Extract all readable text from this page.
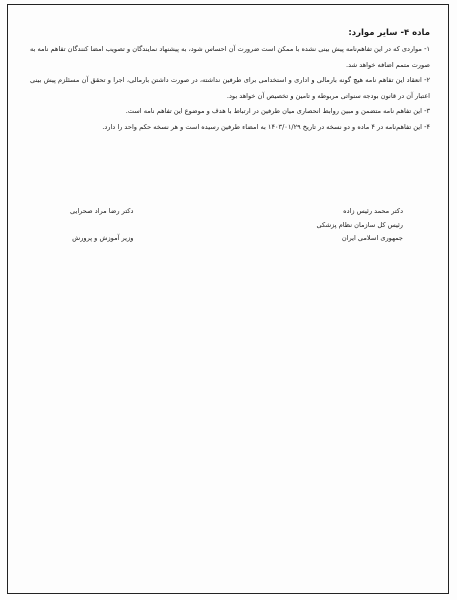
ماده ۴- سایر موارد:

۱- مواردی که در این تفاهم‌نامه پیش بینی نشده با ممکن است ضرورت آن احساس شود، به پیشنهاد نمایندگان و تصویب امضا کنندگان تفاهم نامه به صورت متمم اضافه خواهد شد.

۲- انعقاد این تفاهم نامه هیچ گونه بارمالی و اداری و استخدامی برای طرفین نداشته، در صورت داشتن بارمالی، اجرا و تحقق آن مسئلزم پیش بینی اعتبار آن در قانون بودجه سنواتی مربوطه و تامین و تخصیص آن خواهد بود.

۳- این تفاهم نامه متضمن و مبین روابط انحصاری میان طرفین در ارتباط با هدف و موضوع این تفاهم نامه است.

۴- این تفاهم‌نامه در ۴ ماده و دو نسخه در تاریخ ۱۴۰۳/۰۱/۲۹ به امضاء طرفین رسیده است و هر نسخه حکم واحد را دارد.

دکتر محمد رئیس زاده
رئیس کل سازمان نظام پزشکی
جمهوری اسلامی ایران
دکتر رضا مراد صحرایی
وزیر آموزش و پرورش
